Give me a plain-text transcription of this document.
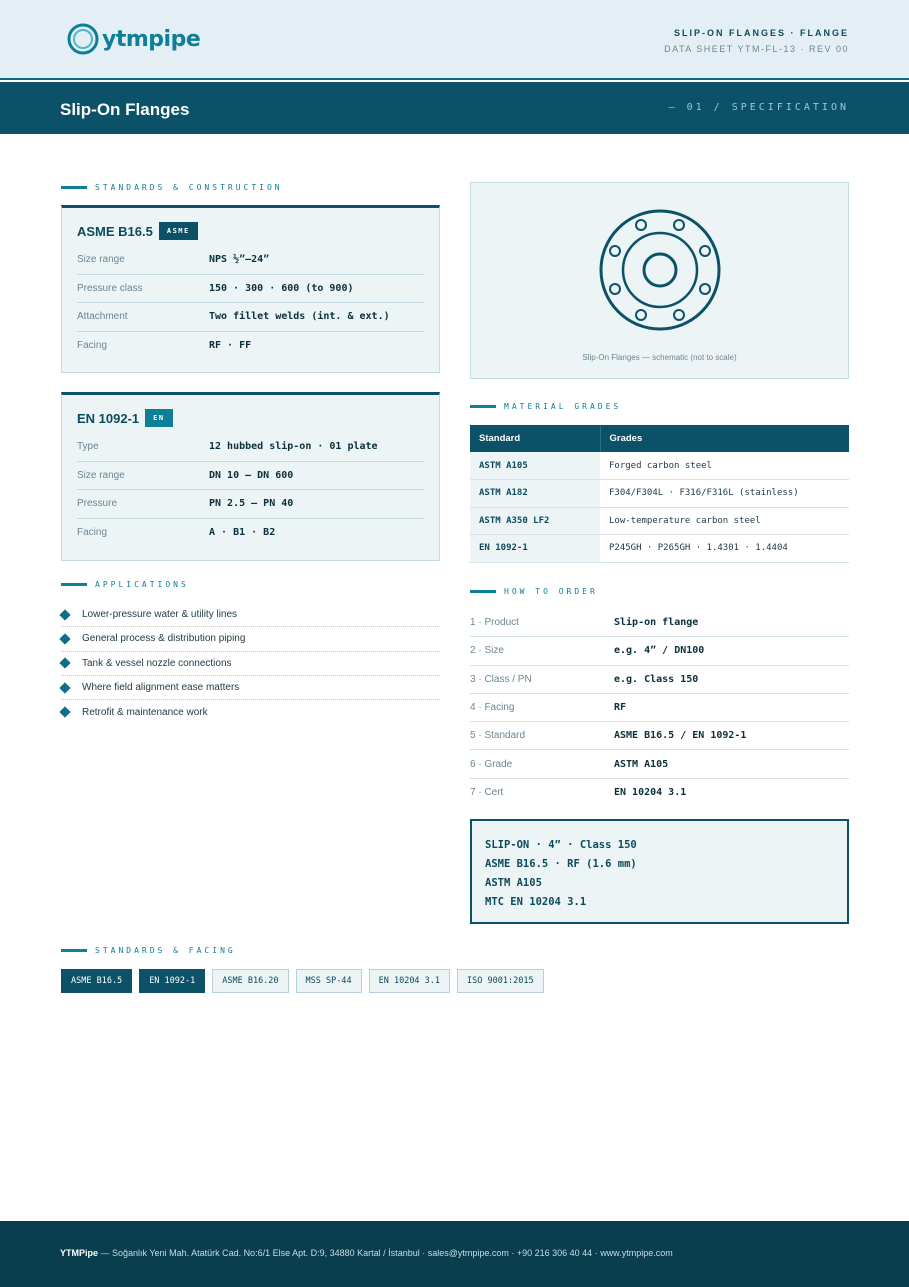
ytmpipe	SLIP-ON FLANGES · FLANGE
DATA SHEET YTM-FL-13 · REV 00
Slip-On Flanges	— 01 / SPECIFICATION
STANDARDS & CONSTRUCTION
ASME B16.5	ASME
Size range	NPS ½”–24”
Pressure class	150 · 300 · 600 (to 900)
Attachment	Two fillet welds (int. & ext.)
Facing	RF · FF
EN 1092-1	EN
Type	12 hubbed slip-on · 01 plate
Size range	DN 10 – DN 600
Pressure	PN 2.5 – PN 40
Facing	A · B1 · B2
APPLICATIONS
Lower-pressure water & utility lines
General process & distribution piping
Tank & vessel nozzle connections
Where field alignment ease matters
Retrofit & maintenance work
Slip-On Flanges — schematic (not to scale)
MATERIAL GRADES
Standard	Grades
ASTM A105	Forged carbon steel
ASTM A182	F304/F304L · F316/F316L (stainless)
ASTM A350 LF2	Low-temperature carbon steel
EN 1092-1	P245GH · P265GH · 1.4301 · 1.4404
HOW TO ORDER
1 · Product	Slip-on flange
2 · Size	e.g. 4” / DN100
3 · Class / PN	e.g. Class 150
4 · Facing	RF
5 · Standard	ASME B16.5 / EN 1092-1
6 · Grade	ASTM A105
7 · Cert	EN 10204 3.1
SLIP-ON · 4” · Class 150
ASME B16.5 · RF (1.6 mm)
ASTM A105
MTC EN 10204 3.1
STANDARDS & FACING
ASME B16.5	EN 1092-1	ASME B16.20	MSS SP-44	EN 10204 3.1	ISO 9001:2015
YTMPipe — Soğanlık Yeni Mah. Atatürk Cad. No:6/1 Else Apt. D:9, 34880 Kartal / İstanbul · sales@ytmpipe.com · +90 216 306 40 44 · www.ytmpipe.com
